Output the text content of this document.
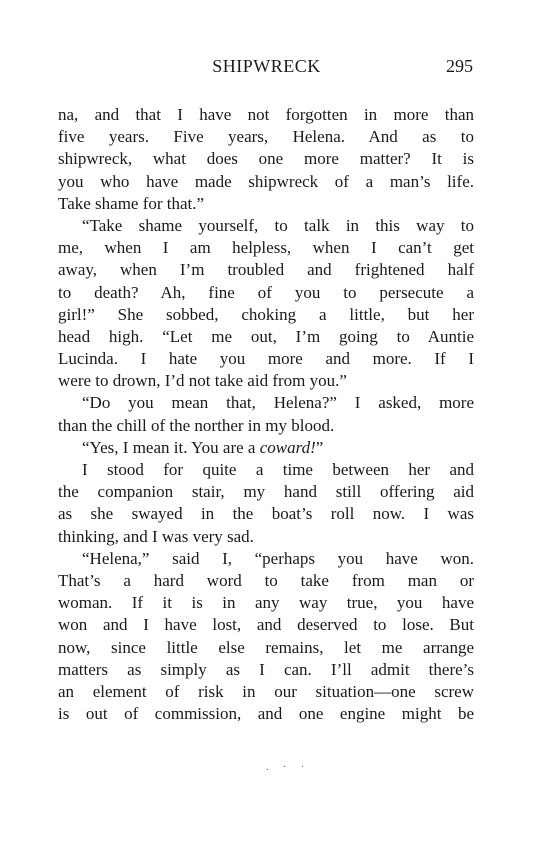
SHIPWRECK	295
na, and that I have not forgotten in more than
five years. Five years, Helena. And as to
shipwreck, what does one more matter? It is
you who have made shipwreck of a man’s life.
Take shame for that.”
“Take shame yourself, to talk in this way to
me, when I am helpless, when I can’t get
away, when I’m troubled and frightened half
to death? Ah, fine of you to persecute a
girl!” She sobbed, choking a little, but her
head high. “Let me out, I’m going to Auntie
Lucinda. I hate you more and more. If I
were to drown, I’d not take aid from you.”
“Do you mean that, Helena?” I asked, more
than the chill of the norther in my blood.
“Yes, I mean it. You are a coward!”
I stood for quite a time between her and
the companion stair, my hand still offering aid
as she swayed in the boat’s roll now. I was
thinking, and I was very sad.
“Helena,” said I, “perhaps you have won.
That’s a hard word to take from man or
woman. If it is in any way true, you have
won and I have lost, and deserved to lose. But
now, since little else remains, let me arrange
matters as simply as I can. I’ll admit there’s
an element of risk in our situation—one screw
is out of commission, and one engine might be
. · ·
